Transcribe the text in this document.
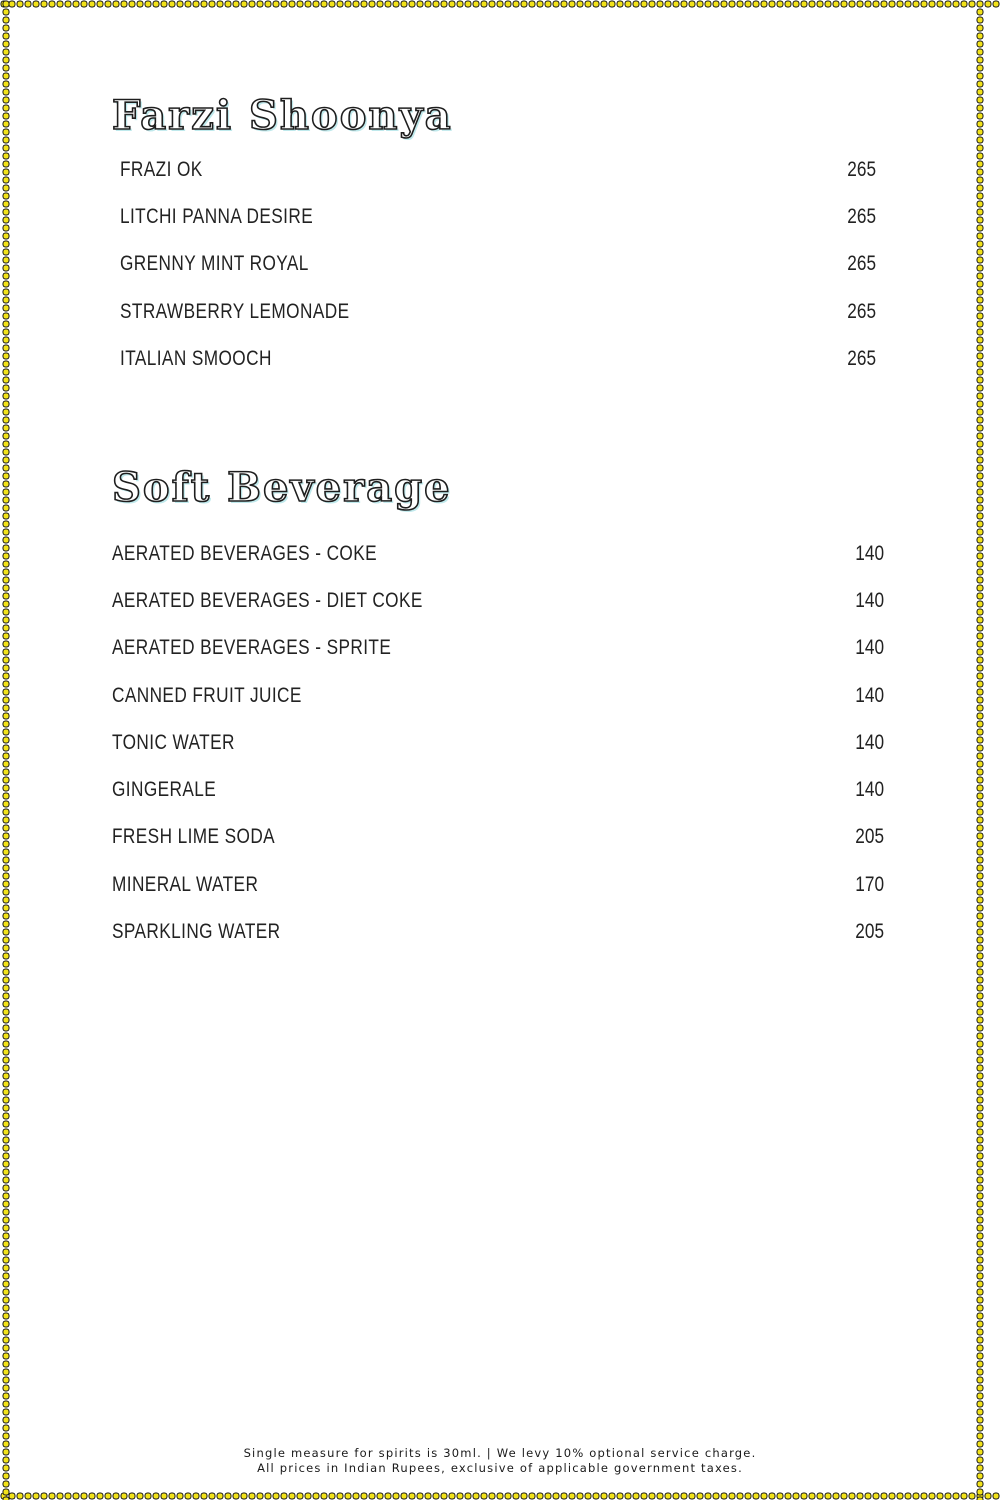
Farzi Shoonya
FRAZI OK	265
LITCHI PANNA DESIRE	265
GRENNY MINT ROYAL	265
STRAWBERRY LEMONADE	265
ITALIAN SMOOCH	265
Soft Beverage
AERATED BEVERAGES - COKE	140
AERATED BEVERAGES - DIET COKE	140
AERATED BEVERAGES - SPRITE	140
CANNED FRUIT JUICE	140
TONIC WATER	140
GINGERALE	140
FRESH LIME SODA	205
MINERAL WATER	170
SPARKLING WATER	205
Single measure for spirits is 30ml. | We levy 10% optional service charge.
All prices in Indian Rupees, exclusive of applicable government taxes.
